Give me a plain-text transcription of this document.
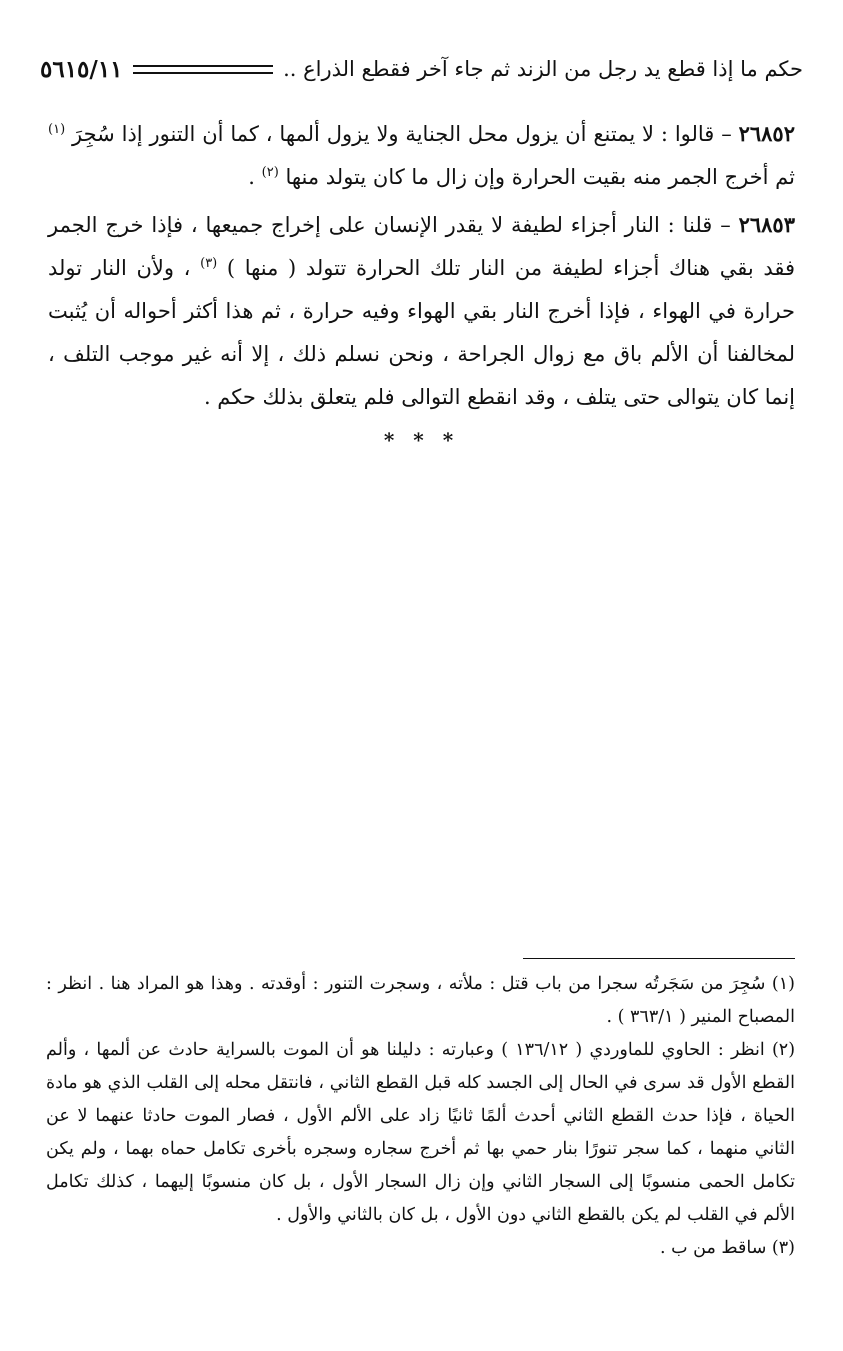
حكم ما إذا قطع يد رجل من الزند ثم جاء آخر فقطع الذراع ..
٥٦١٥/١١

٢٦٨٥٢ – قالوا : لا يمتنع أن يزول محل الجناية ولا يزول ألمها ، كما أن التنور إذا سُجِرَ $^{(١)}$ ثم أخرج الجمر منه بقيت الحرارة وإن زال ما كان يتولد منها $^{(٢)}$ .

٢٦٨٥٣ – قلنا : النار أجزاء لطيفة لا يقدر الإنسان على إخراج جميعها ، فإذا خرج الجمر فقد بقي هناك أجزاء لطيفة من النار تلك الحرارة تتولد ( منها ) $^{(٣)}$ ، ولأن النار تولد حرارة في الهواء ، فإذا أخرج النار بقي الهواء وفيه حرارة ، ثم هذا أكثر أحواله أن يُثبت لمخالفنا أن الألم باق مع زوال الجراحة ، ونحن نسلم ذلك ، إلا أنه غير موجب التلف ، إنما كان يتوالى حتى يتلف ، وقد انقطع التوالى فلم يتعلق بذلك حكم .

* * *

(١) سُجِرَ من سَجَرتُه سجرا من باب قتل : ملأته ، وسجرت التنور : أوقدته . وهذا هو المراد هنا . انظر : المصباح المنير ( ٣٦٣/١ ) .

(٢) انظر : الحاوي للماوردي ( ١٣٦/١٢ ) وعبارته : دليلنا هو أن الموت بالسراية حادث عن ألمها ، وألم القطع الأول قد سرى في الحال إلى الجسد كله قبل القطع الثاني ، فانتقل محله إلى القلب الذي هو مادة الحياة ، فإذا حدث القطع الثاني أحدث ألمًا ثانيًا زاد على الألم الأول ، فصار الموت حادثا عنهما لا عن الثاني منهما ، كما سجر تنورًا بنار حمي بها ثم أخرج سجاره وسجره بأخرى تكامل حماه بهما ، ولم يكن تكامل الحمى منسوبًا إلى السجار الثاني وإن زال السجار الأول ، بل كان منسوبًا إليهما ، كذلك تكامل الألم في القلب لم يكن بالقطع الثاني دون الأول ، بل كان بالثاني والأول .

(٣) ساقط من ب .
